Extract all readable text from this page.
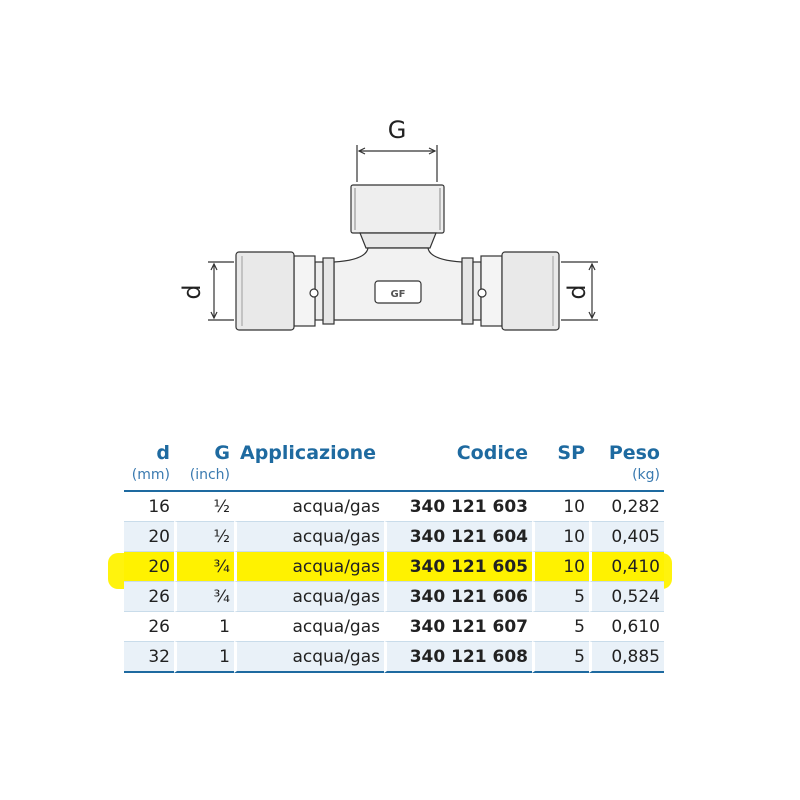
G
d	d
GF
d	G	Applicazione	Codice	SP	Peso
(mm)	(inch)				(kg)
16	½	acqua/gas	340 121 603	10	0,282
20	½	acqua/gas	340 121 604	10	0,405
20	¾	acqua/gas	340 121 605	10	0,410
26	¾	acqua/gas	340 121 606	5	0,524
26	1	acqua/gas	340 121 607	5	0,610
32	1	acqua/gas	340 121 608	5	0,885
